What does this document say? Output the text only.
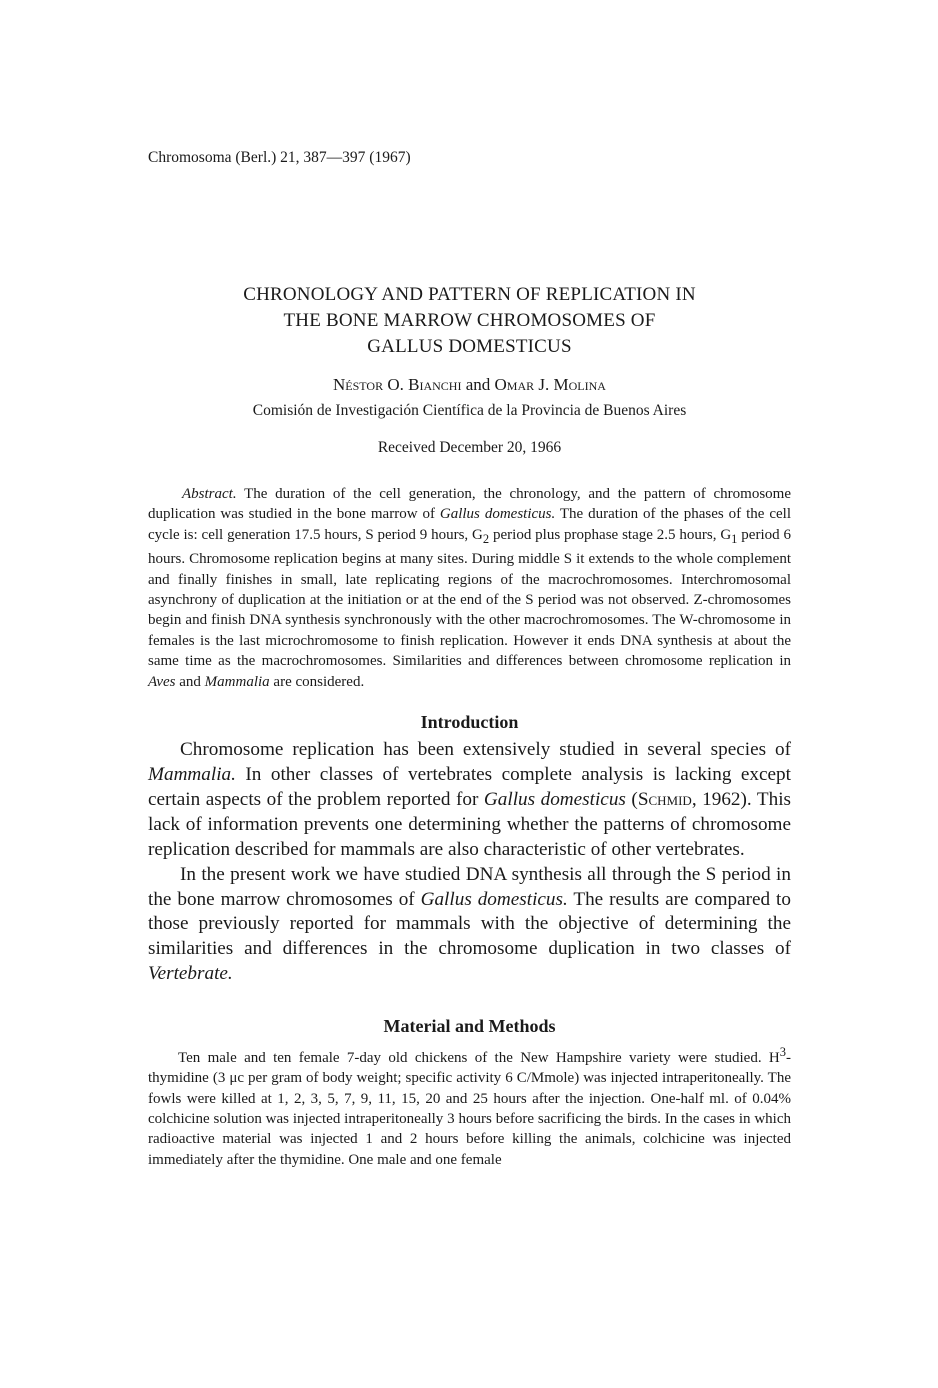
Chromosoma (Berl.) 21, 387—397 (1967)

CHRONOLOGY AND PATTERN OF REPLICATION IN
THE BONE MARROW CHROMOSOMES OF
GALLUS DOMESTICUS
Néstor O. Bianchi and Omar J. Molina
Comisión de Investigación Científica de la Provincia de Buenos Aires
Received December 20, 1966

Abstract. The duration of the cell generation, the chronology, and the pattern of chromosome duplication was studied in the bone marrow of Gallus domesticus. The duration of the phases of the cell cycle is: cell generation 17.5 hours, S period 9 hours, $G_2$ period plus prophase stage 2.5 hours, $G_1$ period 6 hours. Chromosome replication begins at many sites. During middle S it extends to the whole complement and finally finishes in small, late replicating regions of the macrochromosomes. Interchromosomal asynchrony of duplication at the initiation or at the end of the S period was not observed. Z-chromosomes begin and finish DNA synthesis synchronously with the other macrochromosomes. The W-chromosome in females is the last microchromosome to finish replication. However it ends DNA synthesis at about the same time as the macrochromosomes. Similarities and differences between chromosome replication in Aves and Mammalia are considered.

Introduction

Chromosome replication has been extensively studied in several species of Mammalia. In other classes of vertebrates complete analysis is lacking except certain aspects of the problem reported for Gallus domesticus (Schmid, 1962). This lack of information prevents one determining whether the patterns of chromosome replication described for mammals are also characteristic of other vertebrates.

In the present work we have studied DNA synthesis all through the S period in the bone marrow chromosomes of Gallus domesticus. The results are compared to those previously reported for mammals with the objective of determining the similarities and differences in the chromosome duplication in two classes of Vertebrate.

Material and Methods

Ten male and ten female 7-day old chickens of the New Hampshire variety were studied. $H^3$-thymidine (3 μc per gram of body weight; specific activity 6 C/Mmole) was injected intraperitoneally. The fowls were killed at 1, 2, 3, 5, 7, 9, 11, 15, 20 and 25 hours after the injection. One-half ml. of 0.04% colchicine solution was injected intraperitoneally 3 hours before sacrificing the birds. In the cases in which radioactive material was injected 1 and 2 hours before killing the animals, colchicine was injected immediately after the thymidine. One male and one female
